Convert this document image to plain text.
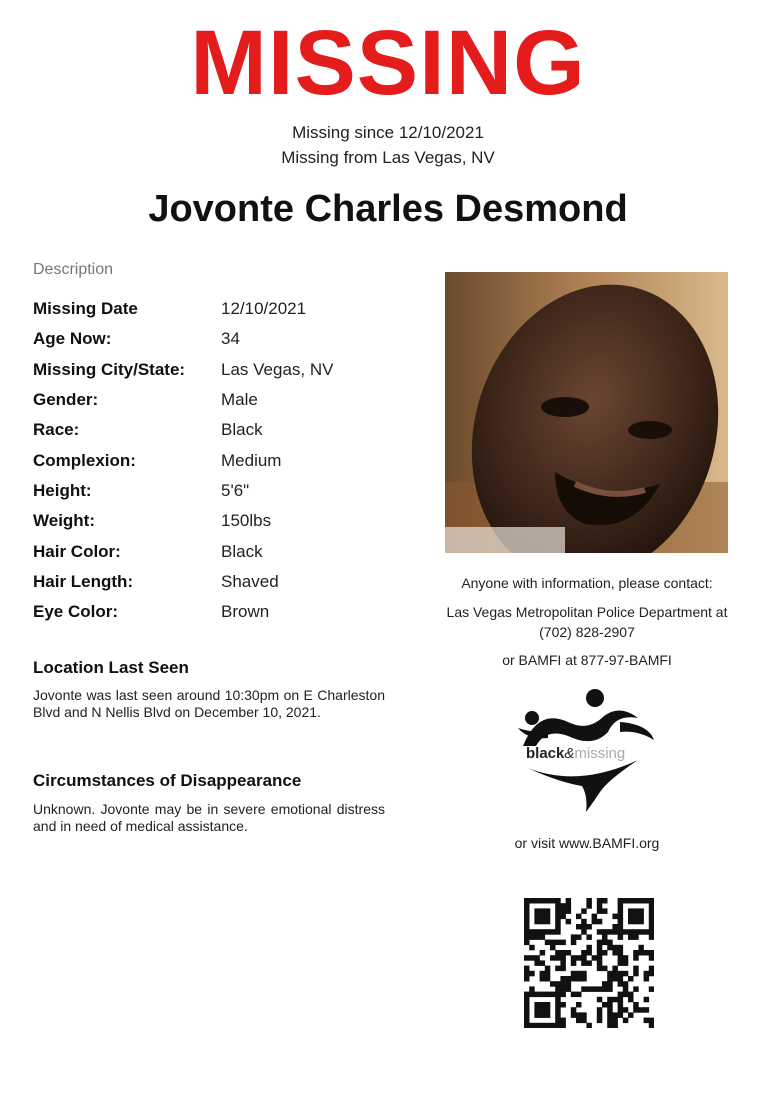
MISSING
Missing since 12/10/2021
Missing from Las Vegas, NV
Jovonte Charles Desmond
Description
Missing Date	12/10/2021
Age Now:	34
Missing City/State:	Las Vegas, NV
Gender:	Male
Race:	Black
Complexion:	Medium
Height:	5'6"
Weight:	150lbs
Hair Color:	Black
Hair Length:	Shaved
Eye Color:	Brown
Anyone with information, please contact:
Las Vegas Metropolitan Police Department at
(702) 828-2907
or BAMFI at 877-97-BAMFI
Location Last Seen
Jovonte was last seen around 10:30pm on E Charleston Blvd and N Nellis Blvd on December 10, 2021.
Circumstances of Disappearance
Unknown. Jovonte may be in severe emotional distress and in need of medical assistance.
black&missing
or visit www.BAMFI.org
